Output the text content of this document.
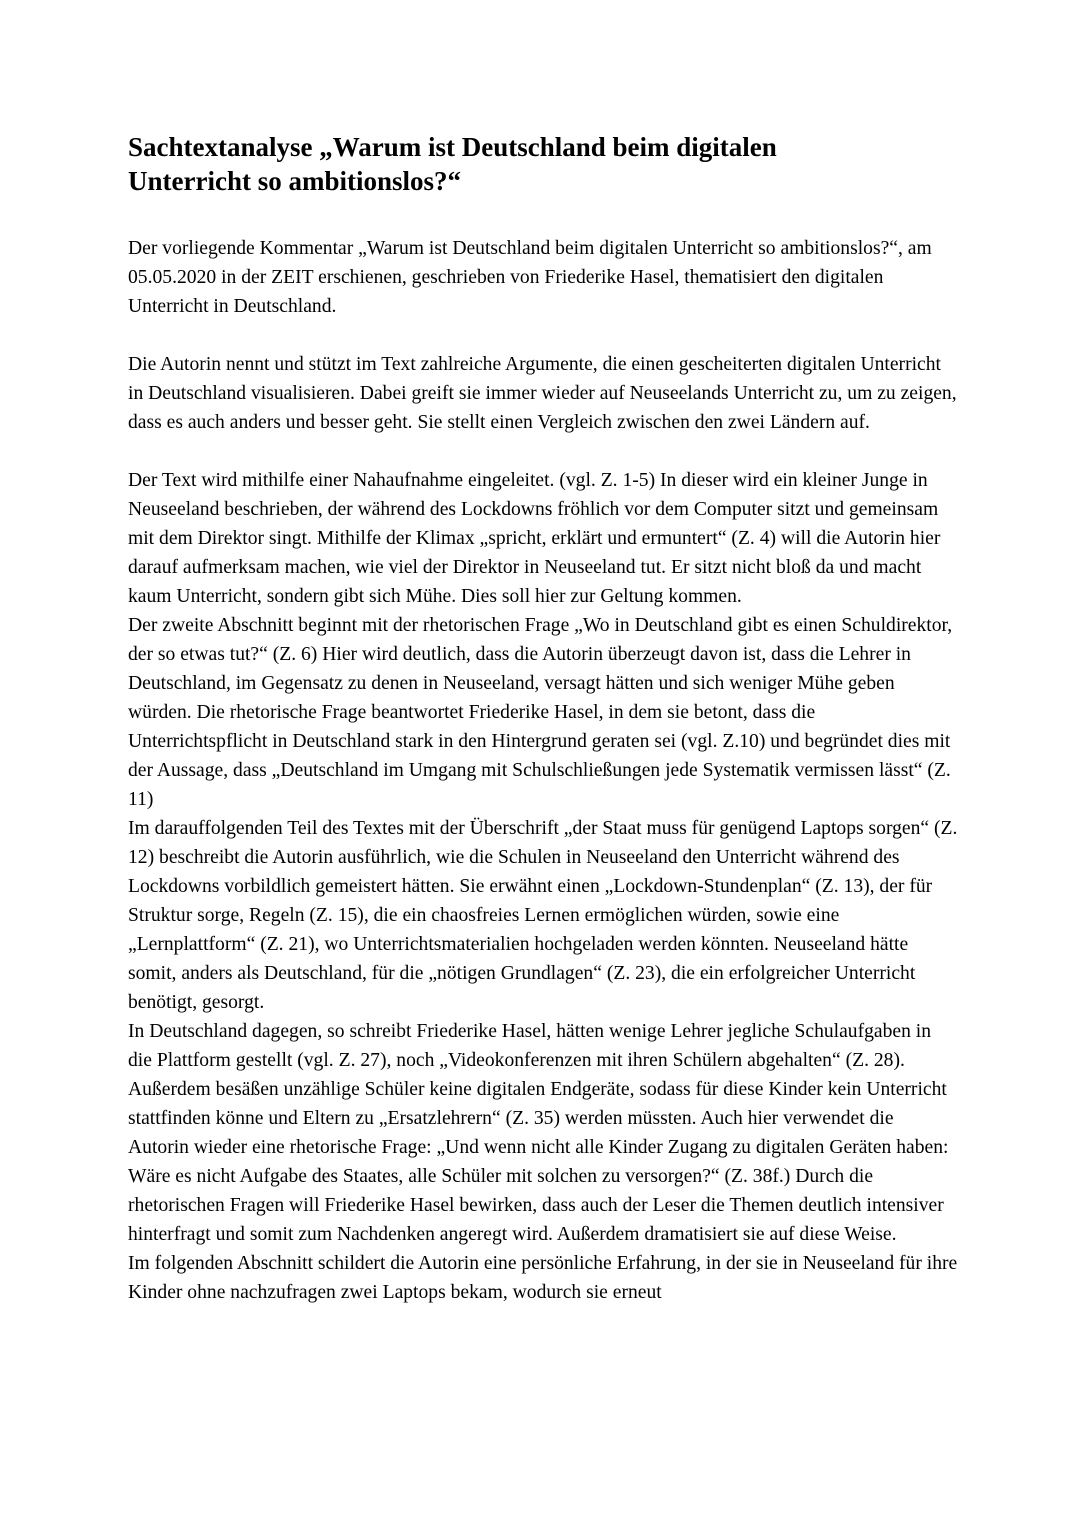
Sachtextanalyse „Warum ist Deutschland beim digitalen Unterricht so ambitionslos?“

Der vorliegende Kommentar „Warum ist Deutschland beim digitalen Unterricht so ambitionslos?“, am 05.05.2020 in der ZEIT erschienen, geschrieben von Friederike Hasel, thematisiert den digitalen Unterricht in Deutschland.

Die Autorin nennt und stützt im Text zahlreiche Argumente, die einen gescheiterten digitalen Unterricht in Deutschland visualisieren. Dabei greift sie immer wieder auf Neuseelands Unterricht zu, um zu zeigen, dass es auch anders und besser geht. Sie stellt einen Vergleich zwischen den zwei Ländern auf.

Der Text wird mithilfe einer Nahaufnahme eingeleitet. (vgl. Z. 1-5) In dieser wird ein kleiner Junge in Neuseeland beschrieben, der während des Lockdowns fröhlich vor dem Computer sitzt und gemeinsam mit dem Direktor singt. Mithilfe der Klimax „spricht, erklärt und ermuntert“ (Z. 4) will die Autorin hier darauf aufmerksam machen, wie viel der Direktor in Neuseeland tut. Er sitzt nicht bloß da und macht kaum Unterricht, sondern gibt sich Mühe. Dies soll hier zur Geltung kommen.

Der zweite Abschnitt beginnt mit der rhetorischen Frage „Wo in Deutschland gibt es einen Schuldirektor, der so etwas tut?“ (Z. 6) Hier wird deutlich, dass die Autorin überzeugt davon ist, dass die Lehrer in Deutschland, im Gegensatz zu denen in Neuseeland, versagt hätten und sich weniger Mühe geben würden. Die rhetorische Frage beantwortet Friederike Hasel, in dem sie betont, dass die Unterrichtspflicht in Deutschland stark in den Hintergrund geraten sei (vgl. Z.10) und begründet dies mit der Aussage, dass „Deutschland im Umgang mit Schulschließungen jede Systematik vermissen lässt“ (Z. 11)

Im darauffolgenden Teil des Textes mit der Überschrift „der Staat muss für genügend Laptops sorgen“ (Z. 12) beschreibt die Autorin ausführlich, wie die Schulen in Neuseeland den Unterricht während des Lockdowns vorbildlich gemeistert hätten. Sie erwähnt einen „Lockdown-Stundenplan“ (Z. 13), der für Struktur sorge, Regeln (Z. 15), die ein chaosfreies Lernen ermöglichen würden, sowie eine „Lernplattform“ (Z. 21), wo Unterrichtsmaterialien hochgeladen werden könnten. Neuseeland hätte somit, anders als Deutschland, für die „nötigen Grundlagen“ (Z. 23), die ein erfolgreicher Unterricht benötigt, gesorgt.

In Deutschland dagegen, so schreibt Friederike Hasel, hätten wenige Lehrer jegliche Schulaufgaben in die Plattform gestellt (vgl. Z. 27), noch „Videokonferenzen mit ihren Schülern abgehalten“ (Z. 28). Außerdem besäßen unzählige Schüler keine digitalen Endgeräte, sodass für diese Kinder kein Unterricht stattfinden könne und Eltern zu „Ersatzlehrern“ (Z. 35) werden müssten. Auch hier verwendet die Autorin wieder eine rhetorische Frage: „Und wenn nicht alle Kinder Zugang zu digitalen Geräten haben: Wäre es nicht Aufgabe des Staates, alle Schüler mit solchen zu versorgen?“ (Z. 38f.) Durch die rhetorischen Fragen will Friederike Hasel bewirken, dass auch der Leser die Themen deutlich intensiver hinterfragt und somit zum Nachdenken angeregt wird. Außerdem dramatisiert sie auf diese Weise.

Im folgenden Abschnitt schildert die Autorin eine persönliche Erfahrung, in der sie in Neuseeland für ihre Kinder ohne nachzufragen zwei Laptops bekam, wodurch sie erneut
